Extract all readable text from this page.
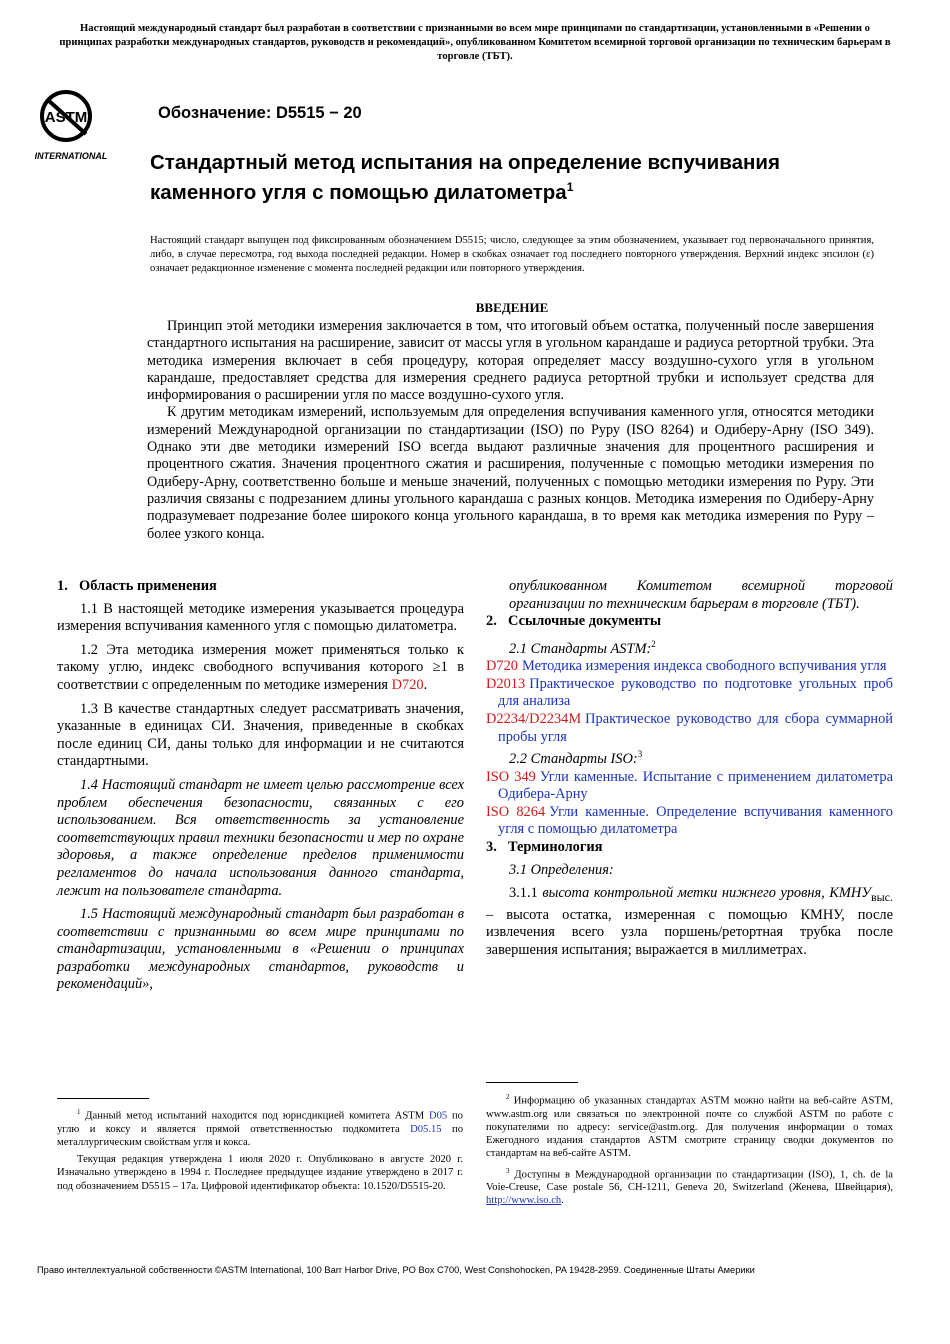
Настоящий международный стандарт был разработан в соответствии с признанными во всем мире принципами по стандартизации, установленными в «Решении о принципах разработки международных стандартов, руководств и рекомендаций», опубликованном Комитетом всемирной торговой организации по техническим барьерам в торговле (ТБТ).
ASTM
INTERNATIONAL
Обозначение: D5515 − 20
Стандартный метод испытания на определение вспучивания каменного угля с помощью дилатометра$^1$
Настоящий стандарт выпущен под фиксированным обозначением D5515; число, следующее за этим обозначением, указывает год первоначального принятия, либо, в случае пересмотра, год выхода последней редакции. Номер в скобках означает год последнего повторного утверждения. Верхний индекс эпсилон (ε) означает редакционное изменение с момента последней редакции или повторного утверждения.
ВВЕДЕНИЕ

Принцип этой методики измерения заключается в том, что итоговый объем остатка, полученный после завершения стандартного испытания на расширение, зависит от массы угля в угольном карандаше и радиуса ретортной трубки. Эта методика измерения включает в себя процедуру, которая определяет массу воздушно-сухого угля в угольном карандаше, предоставляет средства для измерения среднего радиуса ретортной трубки и использует средства для информирования о расширении угля по массе воздушно-сухого угля.

К другим методикам измерений, используемым для определения вспучивания каменного угля, относятся методики измерений Международной организации по стандартизации (ISO) по Руру (ISO 8264) и Одиберу-Арну (ISO 349). Однако эти две методики измерений ISO всегда выдают различные значения для процентного расширения и процентного сжатия. Значения процентного сжатия и расширения, полученные с помощью методики измерения по Одиберу-Арну, соответственно больше и меньше значений, полученных с помощью методики измерения по Руру. Эти различия связаны с подрезанием длины угольного карандаша с разных концов. Методика измерения по Одиберу-Арну подразумевает подрезание более широкого конца угольного карандаша, в то время как методика измерения по Руру – более узкого конца.

1. Область применения

1.1 В настоящей методике измерения указывается процедура измерения вспучивания каменного угля с помощью дилатометра.

1.2 Эта методика измерения может применяться только к такому углю, индекс свободного вспучивания которого ≥1 в соответствии с определенным по методике измерения D720.

1.3 В качестве стандартных следует рассматривать значения, указанные в единицах СИ. Значения, приведенные в скобках после единиц СИ, даны только для информации и не считаются стандартными.

1.4 Настоящий стандарт не имеет целью рассмотрение всех проблем обеспечения безопасности, связанных с его использованием. Вся ответственность за установление соответствующих правил техники безопасности и мер по охране здоровья, а также определение пределов применимости регламентов до начала использования данного стандарта, лежит на пользователе стандарта.

1.5 Настоящий международный стандарт был разработан в соответствии с признанными во всем мире принципами по стандартизации, установленными в «Решении о принципах разработки международных стандартов, руководств и рекомендаций»,

опубликованном Комитетом всемирной торговой организации по техническим барьерам в торговле (ТБТ).

2. Ссылочные документы

2.1 Стандарты ASTM:$^2$

D720 Методика измерения индекса свободного вспучивания угля

D2013 Практическое руководство по подготовке угольных проб для анализа

D2234/D2234M Практическое руководство для сбора суммарной пробы угля

2.2 Стандарты ISO:$^3$

ISO 349 Угли каменные. Испытание с применением дилатометра Одибера-Арну

ISO 8264 Угли каменные. Определение вспучивания каменного угля с помощью дилатометра

3. Терминология

3.1 Определения:

3.1.1 высота контрольной метки нижнего уровня, $КМНУ_{выс.}$ – высота остатка, измеренная с помощью КМНУ, после извлечения всего узла поршень/ретортная трубка после завершения испытания; выражается в миллиметрах.

$^1$ Данный метод испытаний находится под юрисдикцией комитета ASTM D05 по углю и коксу и является прямой ответственностью подкомитета D05.15 по металлургическим свойствам угля и кокса.

Текущая редакция утверждена 1 июля 2020 г. Опубликовано в августе 2020 г. Изначально утверждено в 1994 г. Последнее предыдущее издание утверждено в 2017 г. под обозначением D5515 – 17a. Цифровой идентификатор объекта: 10.1520/D5515-20.

$^2$ Информацию об указанных стандартах ASTM можно найти на веб-сайте ASTM, www.astm.org или связаться по электронной почте со службой ASTM по работе с покупателями по адресу: service@astm.org. Для получения информации о томах Ежегодного издания стандартов ASTM смотрите страницу сводки документов по стандартам на веб-сайте ASTM.

$^3$ Доступны в Международной организации по стандартизации (ISO), 1, ch. de la Voie-Creuse, Case postale 56, CH-1211, Geneva 20, Switzerland (Женева, Швейцария), http://www.iso.ch.

Право интеллектуальной собственности ©ASTM International, 100 Barr Harbor Drive, PO Box C700, West Conshohocken, PA 19428-2959. Соединенные Штаты Америки
